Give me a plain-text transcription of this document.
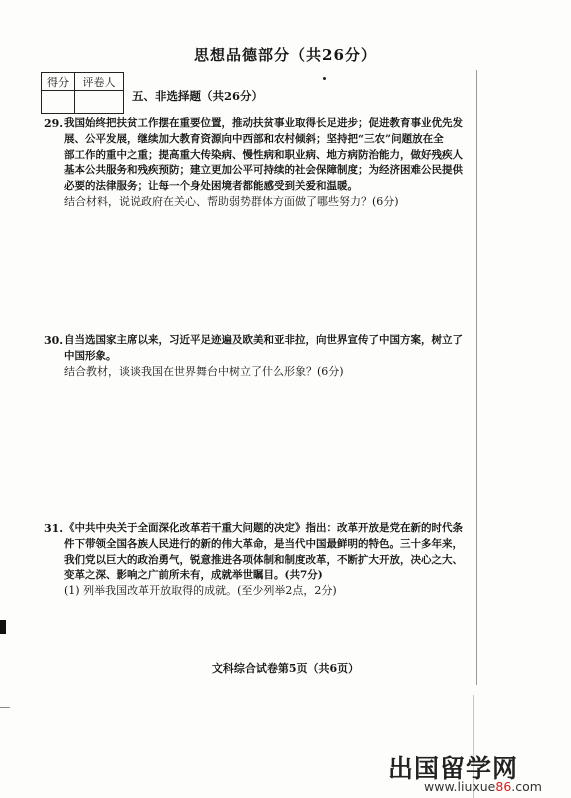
思想品德部分（共26分）
得分	评卷人

五、非选择题（共26分）
29. 我国始终把扶贫工作摆在重要位置，推动扶贫事业取得长足进步；促进教育事业优先发
展、公平发展，继续加大教育资源向中西部和农村倾斜；坚持把“三农”问题放在全
部工作的重中之重；提高重大传染病、慢性病和职业病、地方病防治能力，做好残疾人
基本公共服务和残疾预防；建立更加公平可持续的社会保障制度；为经济困难公民提供
必要的法律服务；让每一个身处困境者都能感受到关爱和温暖。
结合材料，说说政府在关心、帮助弱势群体方面做了哪些努力？(6分)
30. 自当选国家主席以来，习近平足迹遍及欧美和亚非拉，向世界宣传了中国方案，树立了
中国形象。
结合教材，谈谈我国在世界舞台中树立了什么形象？(6分)
31. 《中共中央关于全面深化改革若干重大问题的决定》指出：改革开放是党在新的时代条
件下带领全国各族人民进行的新的伟大革命，是当代中国最鲜明的特色。三十多年来，
我们党以巨大的政治勇气，锐意推进各项体制和制度改革，不断扩大开放，决心之大、
变革之深、影响之广前所未有，成就举世瞩目。(共7分)
(1) 列举我国改革开放取得的成就。(至少列举2点，2分)
文科综合试卷第5页（共6页）
出国留学网
www.liuxue86.com
